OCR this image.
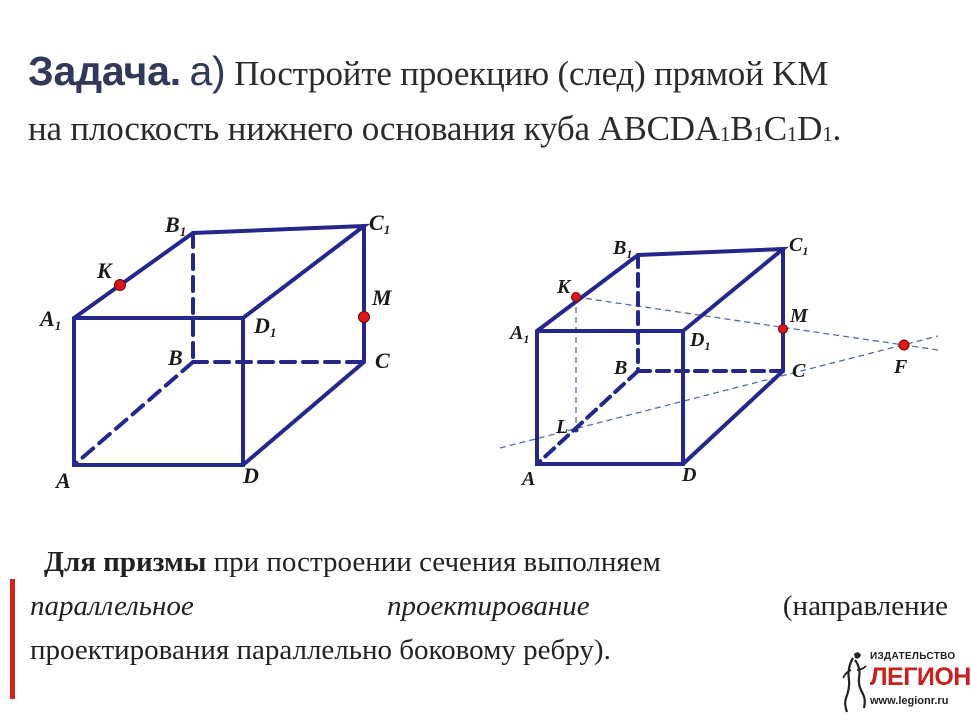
Задача. а) Постройте проекцию (след) прямой KM
на плоскость нижнего основания куба $ABCDA_1B_1C_1D_1$.
A1
B1	C1
D1
K
M
B	C
A	D
$A_1$
$B_1$	$C_1$
$D_1$
K
M
F
L
B	C
A	D
Для призмы при построении сечения выполняем
параллельное	проектирование	(направление
проектирования параллельно боковому ребру).	ИЗДАТЕЛЬСТВО
ЛЕГИОН
www.legionr.ru
